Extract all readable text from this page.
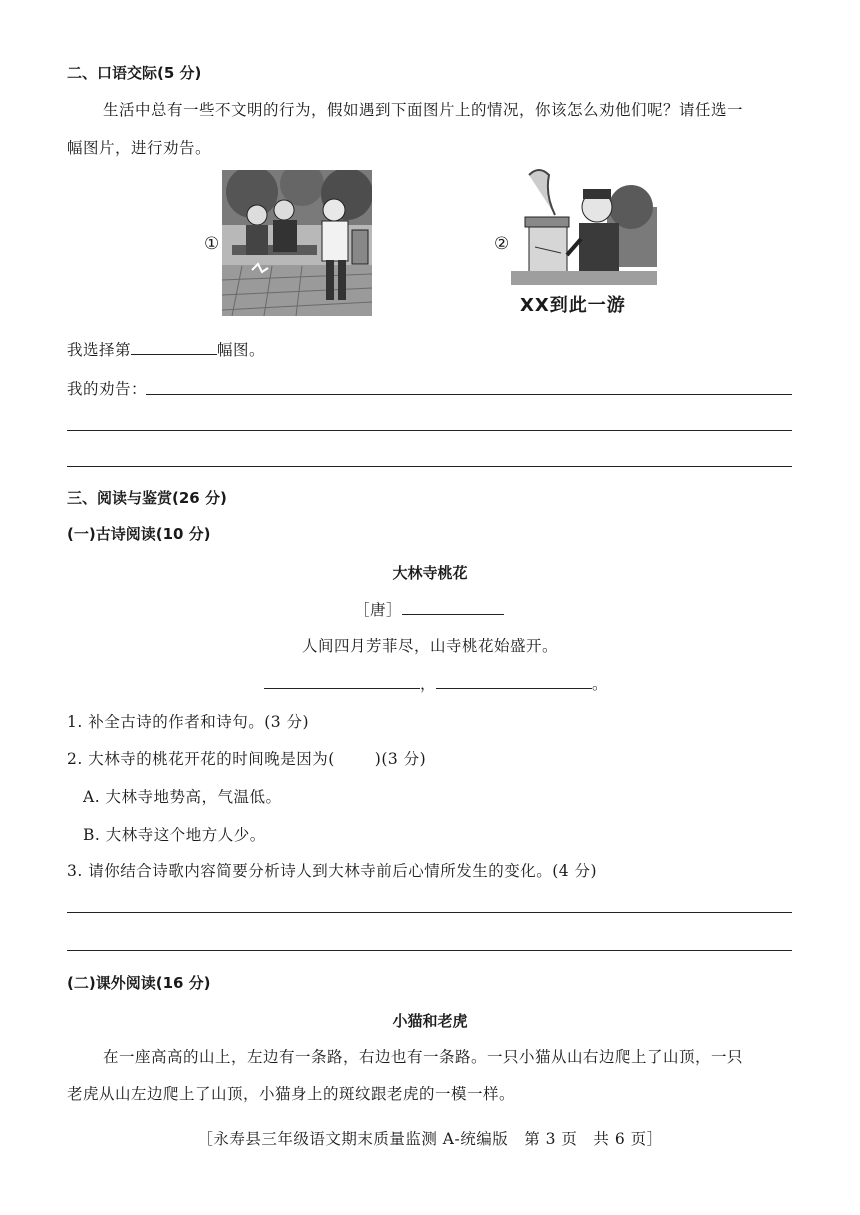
二、口语交际(5 分)
生活中总有一些不文明的行为，假如遇到下面图片上的情况，你该怎么劝他们呢？请任选一
幅图片，进行劝告。
①	②
XX到此一游
我选择第	幅图。
我的劝告：
三、阅读与鉴赏(26 分)
(一)古诗阅读(10 分)
大林寺桃花
［唐］
人间四月芳菲尽，山寺桃花始盛开。
，	。
1. 补全古诗的作者和诗句。(3 分)
2. 大林寺的桃花开花的时间晚是因为(	)(3 分)
A. 大林寺地势高，气温低。
B. 大林寺这个地方人少。
3. 请你结合诗歌内容简要分析诗人到大林寺前后心情所发生的变化。(4 分)
(二)课外阅读(16 分)
小猫和老虎
在一座高高的山上，左边有一条路，右边也有一条路。一只小猫从山右边爬上了山顶，一只
老虎从山左边爬上了山顶，小猫身上的斑纹跟老虎的一模一样。
［永寿县三年级语文期末质量监测 A-统编版　第 3 页　共 6 页］
